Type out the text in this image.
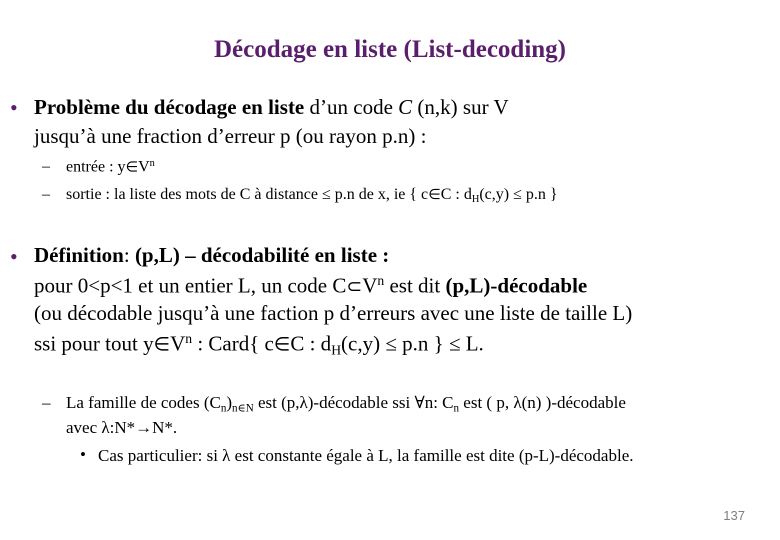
Décodage en liste (List-decoding)
• Problème du décodage en liste d’un code C (n,k) sur V
jusqu’à une fraction d’erreur p (ou rayon p.n) :
– entrée : $y\in V^n$
– sortie : la liste des mots de C à distance ≤ p.n de x, ie { c∈C : $d_H(c,y) \le p.n$ }
• Définition: (p,L) – décodabilité en liste :
pour 0<p<1 et un entier L, un code $C\subset V^n$ est dit (p,L)-décodable
(ou décodable jusqu’à une faction p d’erreurs avec une liste de taille L)
ssi pour tout $y\in V^n$ : Card{ c∈C : $d_H(c,y) \le p.n$ } ≤ L.
– La famille de codes $(C_n)_{n\in N}$ est (p,λ)-décodable ssi ∀n: $C_n$ est ( p, λ(n) )-décodable
avec λ:N*→N*.
• Cas particulier: si λ est constante égale à L, la famille est dite (p-L)-décodable.
137
